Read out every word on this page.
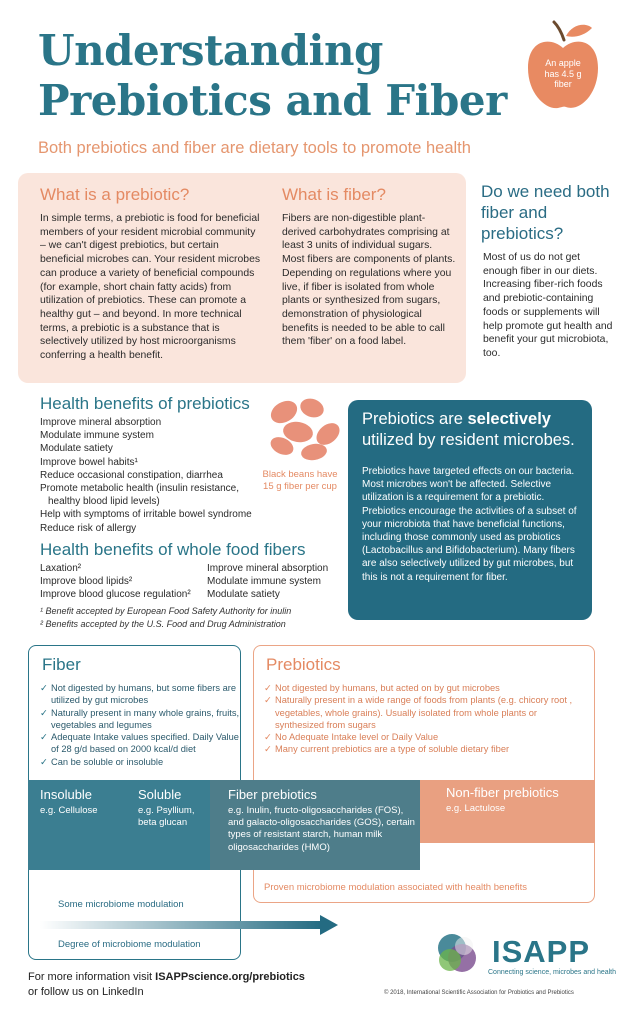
Understanding
Prebiotics and Fiber
Both prebiotics and fiber are dietary tools to promote health
An apple
has 4.5 g
fiber
What is a prebiotic?
In simple terms, a prebiotic is food for beneficial members of your resident microbial community – we can't digest prebiotics, but certain beneficial microbes can. Your resident microbes can produce a variety of beneficial compounds (for example, short chain fatty acids) from utilization of prebiotics. These can promote a healthy gut – and beyond. In more technical terms, a prebiotic is a substance that is selectively utilized by host microorganisms conferring a health benefit.
What is fiber?
Fibers are non-digestible plant-derived carbohydrates comprising at least 3 units of individual sugars. Most fibers are components of plants. Depending on regulations where you live, if fiber is isolated from whole plants or synthesized from sugars, demonstration of physiological benefits is needed to be able to call them 'fiber' on a food label.
Do we need both fiber and prebiotics?
Most of us do not get enough fiber in our diets. Increasing fiber-rich foods and prebiotic-containing foods or supplements will help promote gut health and benefit your gut microbiota, too.
Health benefits of prebiotics
Improve mineral absorption
Modulate immune system
Modulate satiety
Improve bowel habits¹
Reduce occasional constipation, diarrhea
Promote metabolic health (insulin resistance,
healthy blood lipid levels)
Help with symptoms of irritable bowel syndrome
Reduce risk of allergy
Black beans have
15 g fiber per cup
Health benefits of whole food fibers
Laxation²
Improve blood lipids²
Improve blood glucose regulation²
Improve mineral absorption
Modulate immune system
Modulate satiety
¹ Benefit accepted by European Food Safety Authority for inulin
² Benefits accepted by the U.S. Food and Drug Administration
Prebiotics are selectively
utilized by resident microbes.
Prebiotics have targeted effects on our bacteria. Most microbes won't be affected. Selective utilization is a requirement for a prebiotic. Prebiotics encourage the activities of a subset of your microbiota that have beneficial functions, including those commonly used as probiotics (Lactobacillus and Bifidobacterium). Many fibers are also selectively utilized by gut microbes, but this is not a requirement for fiber.
Fiber	Prebiotics
✓ Not digested by humans, but some fibers are utilized by gut microbes
✓ Naturally present in many whole grains, fruits, vegetables and legumes
✓ Adequate Intake values specified. Daily Value of 28 g/d based on 2000 kcal/d diet
✓ Can be soluble or insoluble
✓ Not digested by humans, but acted on by gut microbes
✓ Naturally present in a wide range of foods from plants (e.g. chicory root , vegetables, whole grains). Usually isolated from whole plants or synthesized from sugars
✓ No Adequate Intake level or Daily Value
✓ Many current prebiotics are a type of soluble dietary fiber
Insoluble
e.g. Cellulose
Soluble
e.g. Psyllium, beta glucan
Fiber prebiotics
e.g. Inulin, fructo-oligosaccharides (FOS), and galacto-oligosaccharides (GOS), certain types of resistant starch, human milk oligosaccharides (HMO)
Non-fiber prebiotics
e.g. Lactulose
Proven microbiome modulation associated with health benefits
Some microbiome modulation
Degree of microbiome modulation
For more information visit ISAPPscience.org/prebiotics
or follow us on LinkedIn
ISAPP
Connecting science, microbes and health
© 2018, International Scientific Association for Probiotics and Prebiotics
